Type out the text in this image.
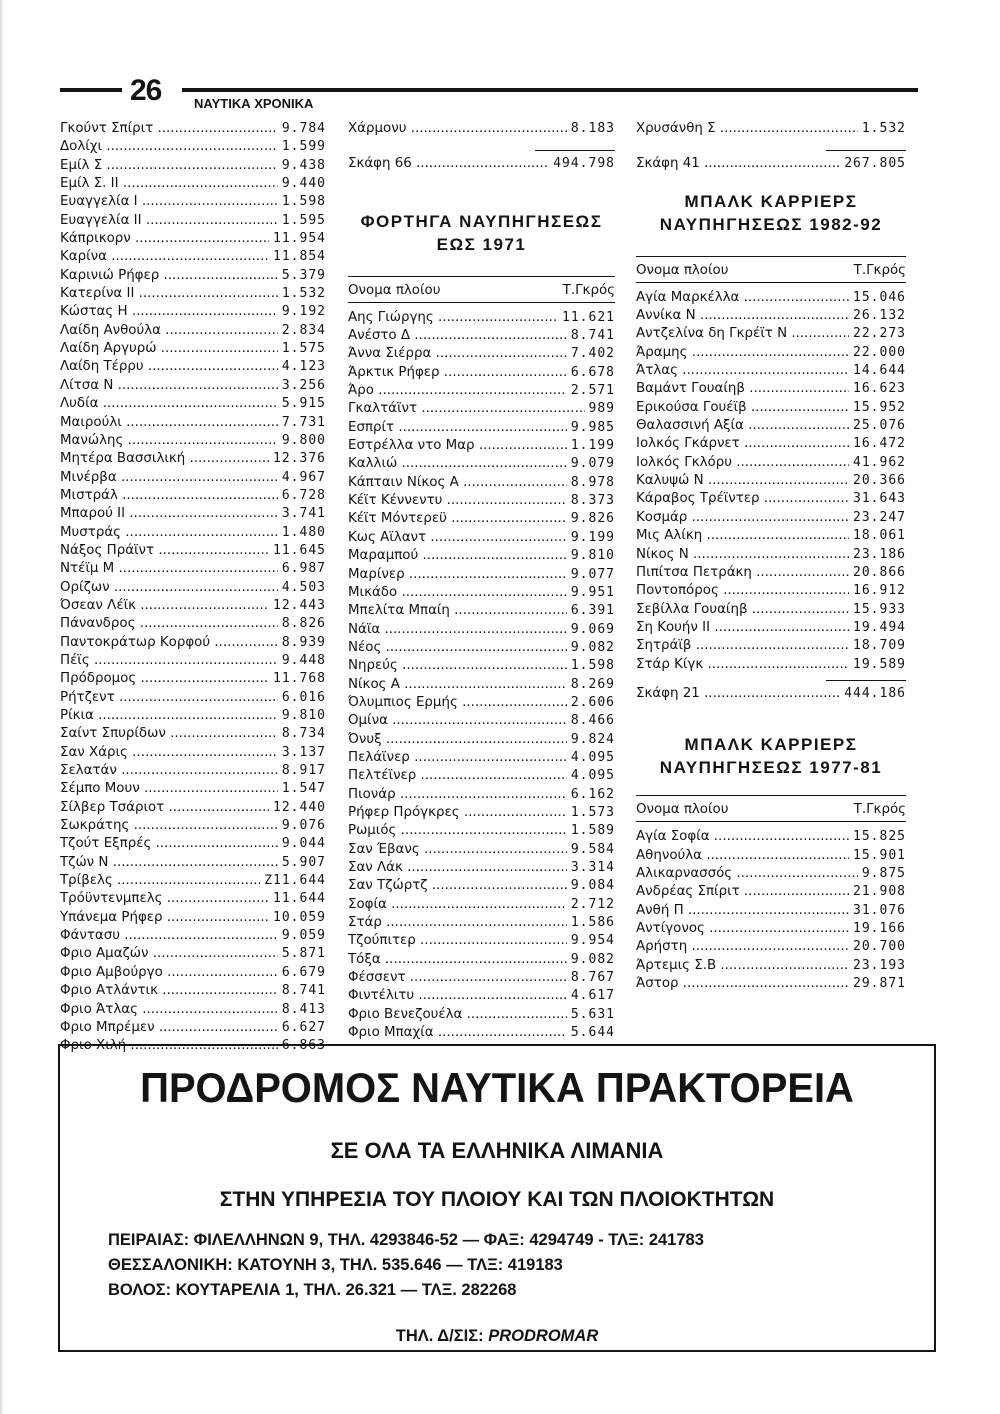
26	ΝΑΥΤΙΚΑ ΧΡΟΝΙΚΑ
Γκούντ Σπίριτ .....	9.784
Δολίχι .....	1.599
Εμίλ Σ .....	9.438
Εμίλ Σ. ΙΙ .....	9.440
Ευαγγελία Ι .....	1.598
Ευαγγελία ΙΙ .....	1.595
Κάπρικορν .....	11.954
Καρίνα .....	11.854
Καρινιώ Ρήφερ .....	5.379
Κατερίνα ΙΙ .....	1.532
Κώστας Η .....	9.192
Λαίδη Ανθούλα .....	2.834
Λαίδη Αργυρώ .....	1.575
Λαίδη Τέρρυ .....	4.123
Λίτσα Ν .....	3.256
Λυδία .....	5.915
Μαιρούλι .....	7.731
Μανώλης .....	9.800
Μητέρα Βασσιλική .....	12.376
Μινέρβα .....	4.967
Μιστράλ .....	6.728
Μπαρού ΙΙ .....	3.741
Μυστράς .....	1.480
Νάξος Πράϊντ .....	11.645
Ντέϊμ Μ .....	6.987
Ορίζων .....	4.503
Όσεαν Λέϊκ .....	12.443
Πάνανδρος .....	8.826
Παντοκράτωρ Κορφού .....	8.939
Πέϊς .....	9.448
Πρόδρομος .....	11.768
Ρήτζεντ .....	6.016
Ρίκια .....	9.810
Σαίντ Σπυρίδων .....	8.734
Σαν Χάρις .....	3.137
Σελατάν .....	8.917
Σέμπο Μουν .....	1.547
Σίλβερ Τσάριοτ .....	12.440
Σωκράτης .....	9.076
Τζούτ Εξπρές .....	9.044
Τζών Ν .....	5.907
Τρίβελς .....	Ζ11.644
Τρόϋντενμπελς .....	11.644
Υπάνεμα Ρήφερ .....	10.059
Φάντασυ .....	9.059
Φριο Αμαζών .....	5.871
Φριο Αμβούργο .....	6.679
Φριο Ατλάντικ .....	8.741
Φριο Άτλας .....	8.413
Φριο Μπρέμεν .....	6.627
Φριο Χιλή .....	6.863
Χάρμονυ .....	8.183
Σκάφη 66 .....	494.798
ΦΟΡΤΗΓΑ ΝΑΥΠΗΓΗΣΕΩΣ
ΕΩΣ 1971
Ονομα πλοίου	Τ.Γκρός
Αης Γιώργης .....	11.621
Ανέστο Δ .....	8.741
Άννα Σιέρρα .....	7.402
Άρκτικ Ρήφερ .....	6.678
Άρο .....	2.571
Γκαλτάϊντ .....	989
Εσπρίτ .....	9.985
Εστρέλλα ντο Μαρ .....	1.199
Καλλιώ .....	9.079
Κάπταιν Νίκος Α .....	8.978
Κέϊτ Κέννεντυ .....	8.373
Κέϊτ Μόντερεϋ .....	9.826
Κως Αϊλαντ .....	9.199
Μαραμπού .....	9.810
Μαρίνερ .....	9.077
Μικάδο .....	9.951
Μπελίτα Μπαίη .....	6.391
Νάϊα .....	9.069
Νέος .....	9.082
Νηρεύς .....	1.598
Νίκος Α .....	8.269
Όλυμπιος Ερμής .....	2.606
Ομίνα .....	8.466
Όνυξ .....	9.824
Πελάϊνερ .....	4.095
Πελτέϊνερ .....	4.095
Πιονάρ .....	6.162
Ρήφερ Πρόγκρες .....	1.573
Ρωμιός .....	1.589
Σαν Έβανς .....	9.584
Σαν Λάκ .....	3.314
Σαν Τζώρτζ .....	9.084
Σοφία .....	2.712
Στάρ .....	1.586
Τζούπιτερ .....	9.954
Τόξα .....	9.082
Φέσσεντ .....	8.767
Φιντέλιτυ .....	4.617
Φριο Βενεζουέλα .....	5.631
Φριο Μπαχία .....	5.644
Χρυσάνθη Σ .....	1.532
Σκάφη 41 .....	267.805
ΜΠΑΛΚ ΚΑΡΡΙΕΡΣ
ΝΑΥΠΗΓΗΣΕΩΣ 1982-92
Ονομα πλοίου	Τ.Γκρός
Αγία Μαρκέλλα .....	15.046
Αννίκα Ν .....	26.132
Αντζελίνα δη Γκρέϊτ Ν .....	22.273
Άραμης .....	22.000
Άτλας .....	14.644
Βαμάντ Γουαίηβ .....	16.623
Ερικούσα Γουέϊβ .....	15.952
Θαλασσινή Αξία .....	25.076
Ιολκός Γκάρνετ .....	16.472
Ιολκός Γκλόρυ .....	41.962
Καλυψώ Ν .....	20.366
Κάραβος Τρέϊντερ .....	31.643
Κοσμάρ .....	23.247
Μις Αλίκη .....	18.061
Νίκος Ν .....	23.186
Πιπίτσα Πετράκη .....	20.866
Ποντοπόρος .....	16.912
Σεβίλλα Γουαίηβ .....	15.933
Ση Κουήν ΙΙ .....	19.494
Σητράϊβ .....	18.709
Στάρ Κίγκ .....	19.589
Σκάφη 21 .....	444.186
ΜΠΑΛΚ ΚΑΡΡΙΕΡΣ
ΝΑΥΠΗΓΗΣΕΩΣ 1977-81
Ονομα πλοίου	Τ.Γκρός
Αγία Σοφία .....	15.825
Αθηνούλα .....	15.901
Αλικαρνασσός .....	9.875
Ανδρέας Σπίριτ .....	21.908
Ανθή Π .....	31.076
Αντίγονος .....	19.166
Αρήστη .....	20.700
Άρτεμις Σ.Β .....	23.193
Άστορ .....	29.871
ΠΡΟΔΡΟΜΟΣ ΝΑΥΤΙΚΑ ΠΡΑΚΤΟΡΕΙΑ
ΣΕ ΟΛΑ ΤΑ ΕΛΛΗΝΙΚΑ ΛΙΜΑΝΙΑ
ΣΤΗΝ ΥΠΗΡΕΣΙΑ ΤΟΥ ΠΛΟΙΟΥ ΚΑΙ ΤΩΝ ΠΛΟΙΟΚΤΗΤΩΝ
ΠΕΙΡΑΙΑΣ: ΦΙΛΕΛΛΗΝΩΝ 9, ΤΗΛ. 4293846-52 — ΦΑΞ: 4294749 - ΤΛΞ: 241783
ΘΕΣΣΑΛΟΝΙΚΗ: ΚΑΤΟΥΝΗ 3, ΤΗΛ. 535.646 — ΤΛΞ: 419183
ΒΟΛΟΣ: ΚΟΥΤΑΡΕΛΙΑ 1, ΤΗΛ. 26.321 — ΤΛΞ. 282268
ΤΗΛ. Δ/ΣΙΣ: PRODROMAR
